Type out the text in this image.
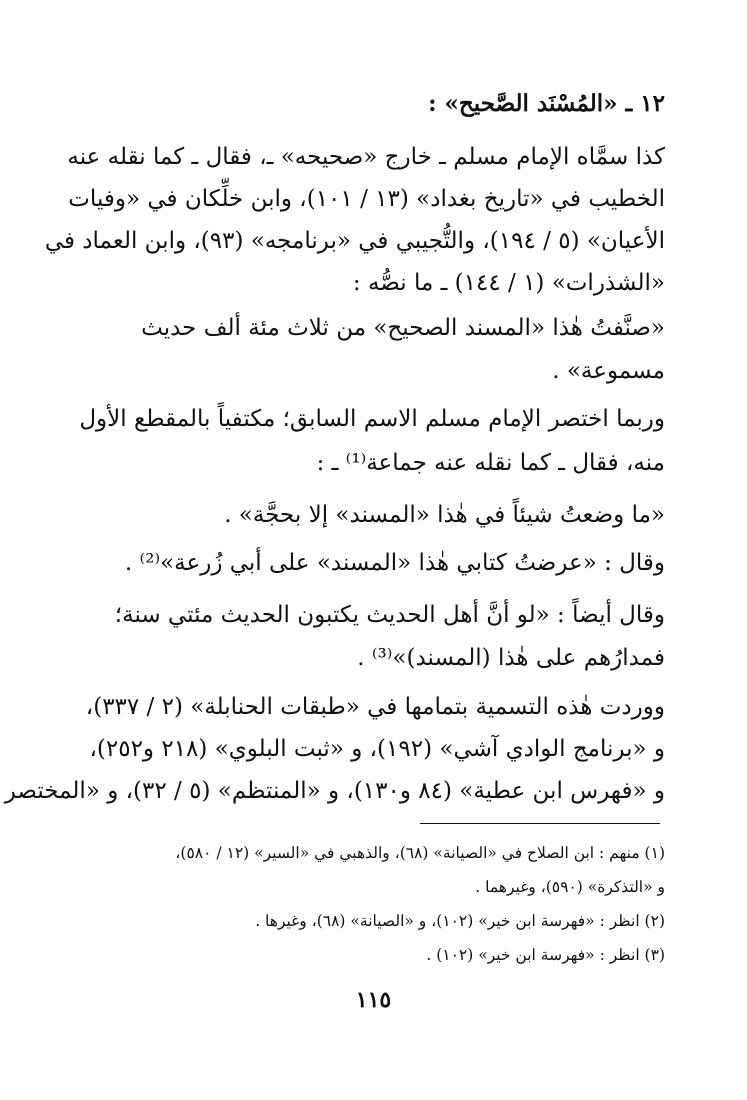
١٢ ـ «المُسْنَد الصَّحيح» :
كذا سمَّاه الإمام مسلم ـ خارج «صحيحه» ـ، فقال ـ كما نقله عنه
الخطيب في «تاريخ بغداد» (١٣ / ١٠١)، وابن خلِّكان في «وفيات
الأعيان» (٥ / ١٩٤)، والتُّجيبي في «برنامجه» (٩٣)، وابن العماد في
«الشذرات» (١ / ١٤٤) ـ ما نصُّه :
«صنَّفتُ هٰذا «المسند الصحيح» من ثلاث مئة ألف حديث
مسموعة» .
وربما اختصر الإمام مسلم الاسم السابق؛ مكتفياً بالمقطع الأول
منه، فقال ـ كما نقله عنه جماعة⁽¹⁾ ـ :
«ما وضعتُ شيئاً في هٰذا «المسند» إلا بحجَّة» .
وقال : «عرضتُ كتابي هٰذا «المسند» على أبي زُرعة»⁽²⁾ .
وقال أيضاً : «لو أنَّ أهل الحديث يكتبون الحديث مئتي سنة؛
فمدارُهم على هٰذا (المسند)»⁽³⁾ .
ووردت هٰذه التسمية بتمامها في «طبقات الحنابلة» (٢ / ٣٣٧)،
و «برنامج الوادي آشي» (١٩٢)، و «ثبت البلوي» (٢١٨ و٢٥٢)،
و «فهرس ابن عطية» (٨٤ و١٣٠)، و «المنتظم» (٥ / ٣٢)، و «المختصر
(١) منهم : ابن الصلاح في «الصيانة» (٦٨)، والذهبي في «السير» (١٢ / ٥٨٠)،
و «التذكرة» (٥٩٠)، وغيرهما .
(٢) انظر : «فهرسة ابن خير» (١٠٢)، و «الصيانة» (٦٨)، وغيرها .
(٣) انظر : «فهرسة ابن خير» (١٠٢) .
١١٥
